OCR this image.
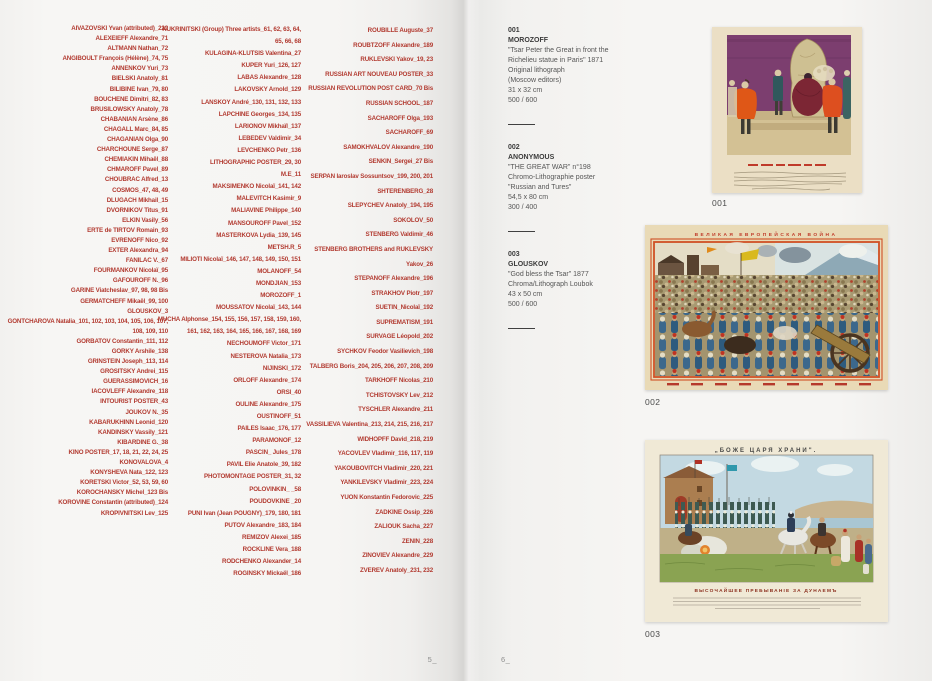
AIVAZOVSKI Yvan (attributed)_222
ALEXEIEFF Alexandre_71
ALTMANN Nathan_72
ANGIBOULT François (Hélène)_74, 75
ANNENKOV Yuri_73
BIELSKI Anatoly_81
BILIBINE Ivan_79, 80
BOUCHENE Dimitri_82, 83
BRUSILOWSKY Anatoly_78
CHABANIAN Arsène_86
CHAGALL Marc_84, 85
CHAGANIAN Olga_90
CHARCHOUNE Serge_87
CHEMIAKIN Mihaël_88
CHMAROFF Pavel_89
CHOUBRAC Alfred_13
COSMOS_47, 48, 49
DLUGACH Mikhail_15
DVORNIKOV Titus_91
ELKIN Vasily_56
ERTE de TIRTOV Romain_93
EVRENOFF Nico_92
EXTER Alexandra_94
FANILAC V._67
FOURMANKOV Nicolaï_95
GAFOUROFF N._96
GARINE Viatcheslav_97, 98, 98 Bis
GERMATCHEFF Mikaël_99, 100
GLOUSKOV_3
GONTCHAROVA Natalia_101, 102, 103, 104, 105, 106, 107, 108, 109, 110
GORBATOV Constantin_111, 112
GORKY Arshile_138
GRINSTEIN Joseph_113, 114
GROSITSKY Andrei_115
GUERASSIMOVICH_16
IACOVLEFF Alexandre_118
INTOURIST POSTER_43
JOUKOV N._35
KABARUKHINN Leonid_120
KANDINSKY Vassily_121
KIBARDINE G._38
KINO POSTER_17, 18, 21, 22, 24, 25
KONOVALOVA_4
KONYSHEVA Nata_122, 123
KORETSKI Victor_52, 53, 59, 60
KOROCHANSKY Michel_123 Bis
KOROVINE Constantin (attributed)_124
KROPIVNITSKI Lev_125
KUKRINITSKI (Group) Three artists_61, 62, 63, 64, 65, 66, 68
KULAGINA-KLUTSIS Valentina_27
KUPER Yuri_126, 127
LABAS Alexandre_128
LAKOVSKY Arnold_129
LANSKOY André_130, 131, 132, 133
LAPCHINE Georges_134, 135
LARIONOV Mikhaïl_137
LEBEDEV Valdimir_34
LEVCHENKO Petr_136
LITHOGRAPHIC POSTER_29, 30
M.E_11
MAKSIMENKO Nicolaï_141, 142
MALEVITCH Kasimir_9
MALIAVINE Philippe_140
MANSOUROFF Pavel_152
MASTERKOVA Lydia_139, 145
METSH.R_5
MILIOTI Nicolaï_146, 147, 148, 149, 150, 151
MOLANOFF_54
MONDJIAN_153
MOROZOFF_1
MOUSSATOV Nicolaï_143, 144
MUCHA Alphonse_154, 155, 156, 157, 158, 159, 160, 161, 162, 163, 164, 165, 166, 167, 168, 169
NECHOUMOFF Victor_171
NESTEROVA Natalia_173
NIJINSKI_172
ORLOFF Alexandre_174
ORSI_40
OULINE Alexandre_175
OUSTINOFF_51
PAILES Isaac_176, 177
PARAMONOF_12
PASCIN_ Jules_178
PAVIL Elie Anatole_39, 182
PHOTOMONTAGE POSTER_31, 32
POLOVINKIN_ _58
POUDOVKINE _20
PUNI Ivan (Jean POUGNY)_179, 180, 181
PUTOV Alexandre_183, 184
REMIZOV Alexei_185
ROCKLINE Vera_188
RODCHENKO Alexander_14
ROGINSKY Mickaël_186
ROUBILLE Auguste_37
ROUBTZOFF Alexandre_189
RUKLEVSKI Yakov_19, 23
RUSSIAN ART NOUVEAU POSTER_33
RUSSIAN REVOLUTION POST CARD_70 Bis
RUSSIAN SCHOOL_187
SACHAROFF Olga_193
SACHAROFF_69
SAMOKHVALOV Alexandre_190
SENKIN_Sergei_27 Bis
SERPAN Iaroslav Sossuntsov_199, 200, 201
SHTERENBERG_28
SLEPYCHEV Anatoly_194, 195
SOKOLOV_50
STENBERG Valdimir_46
STENBERG BROTHERS and RUKLEVSKY Yakov_26
STEPANOFF Alexandre_196
STRAKHOV Piotr_197
SUETIN_Nicolaï_192
SUPREMATISM_191
SURVAGE Léopold_202
SYCHKOV Feodor Vasilievich_198
TALBERG Boris_204, 205, 206, 207, 208, 209
TARKHOFF Nicolas_210
TCHISTOVSKY Lev_212
TYSCHLER Alexandre_211
VASSILIEVA Valentina_213, 214, 215, 216, 217
WIDHOPFF David_218, 219
YACOVLEV Vladimir_116, 117, 119
YAKOUBOVITCH Vladimir_220, 221
YANKILEVSKY Vladimir_223, 224
YUON Konstantin Fedorovic_225
ZADKINE Ossip_226
ZALIOUK Sacha_227
ZENIN_228
ZINOVIEV Alexandre_229
ZVEREV Anatoly_231, 232
5_
001
MOROZOFF
"Tsar Peter the Great in front the
Richelieu statue in Paris" 1871
Original lithograph
(Moscow editors)
31 x 32 cm
500 / 600
002
ANONYMOUS
"THE GREAT WAR" n°198
Chromo-Lithographie poster
"Russian and Tures"
54,5 x 80 cm
300 / 400
003
GLOUSKOV
"God bless the Tsar" 1877
Chroma/Lithograph Loubok
43 x 50 cm
500 / 600
001
ВЕЛИКАЯ ЕВРОПЕЙСКАЯ ВОЙНА
002
„БОЖЕ ЦАРЯ ХРАНИ".
ВЫСОЧАЙШЕЕ ПРЕБЫВАНІЕ ЗА ДУНАЕМЪ
003
6_
